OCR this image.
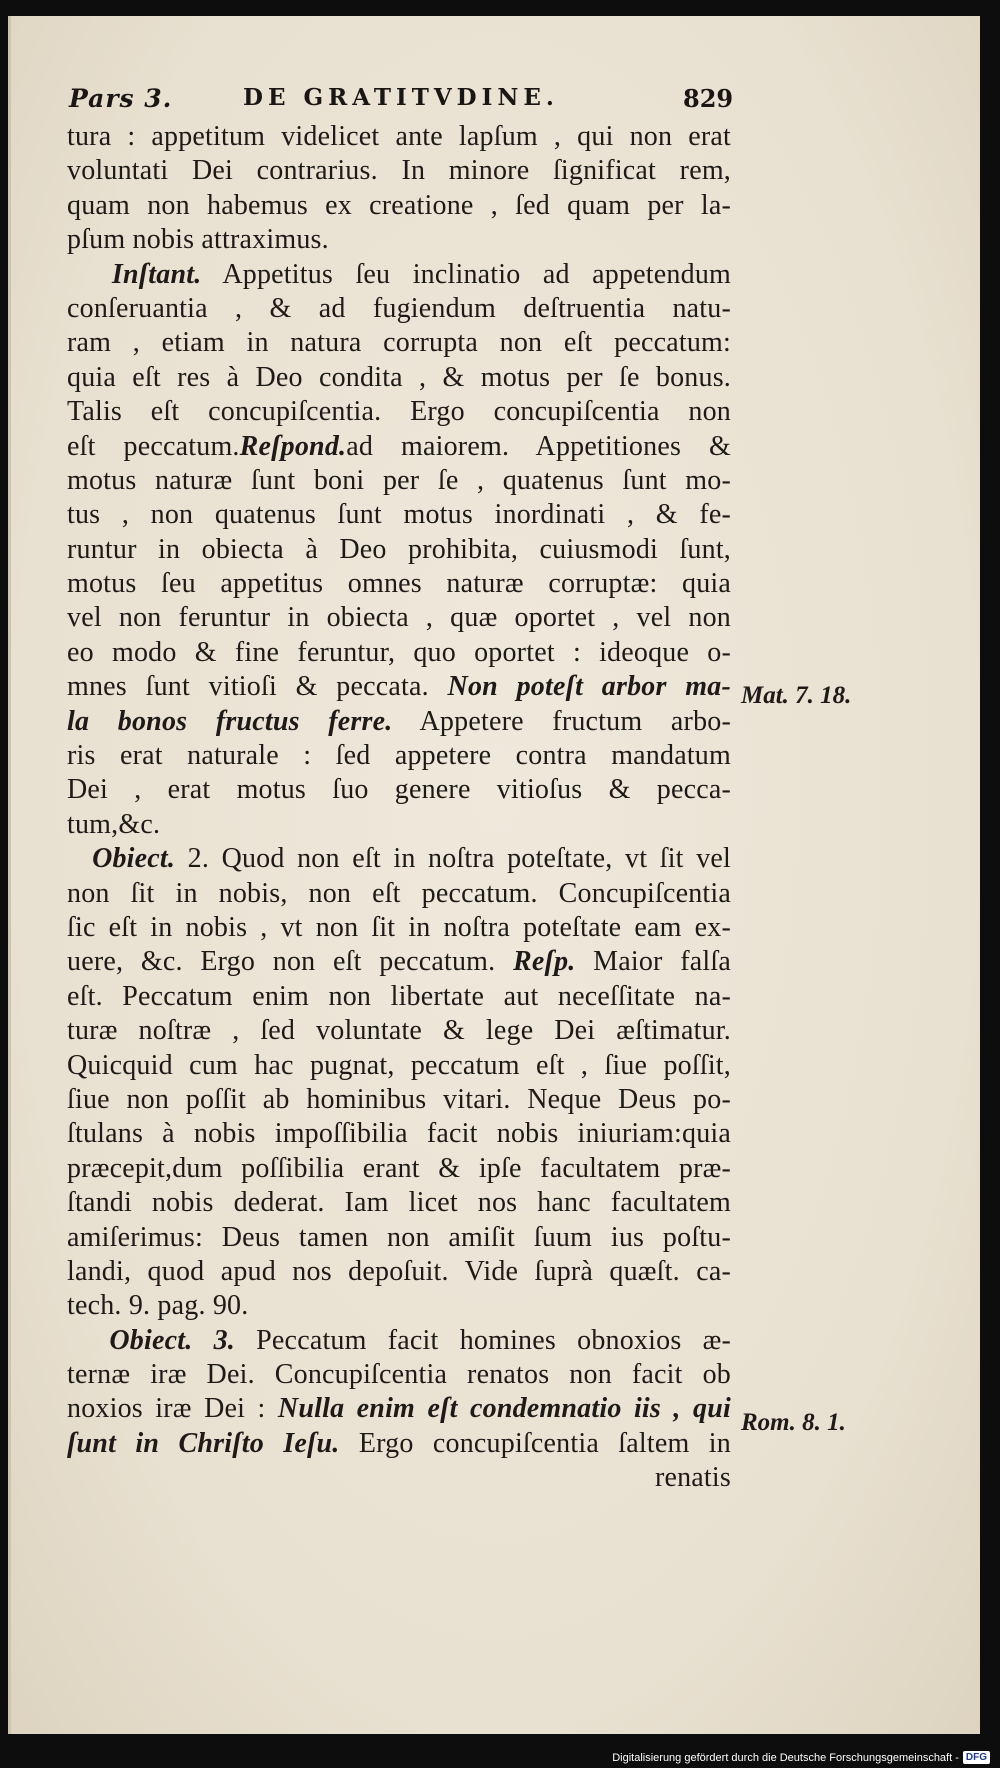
Pars 3.	DE GRATITVDINE.	829
tura : appetitum videlicet ante lapſum , qui non erat
voluntati Dei contrarius. In minore ſignificat rem,
quam non habemus ex creatione , ſed quam per la-
pſum nobis attraximus.
Inſtant. Appetitus ſeu inclinatio ad appetendum
conſeruantia , & ad fugiendum deſtruentia natu-
ram , etiam in natura corrupta non eſt peccatum:
quia eſt res à Deo condita , & motus per ſe bonus.
Talis eſt concupiſcentia. Ergo concupiſcentia non
eſt peccatum.Reſpond.ad maiorem. Appetitiones &
motus naturæ ſunt boni per ſe , quatenus ſunt mo-
tus , non quatenus ſunt motus inordinati , & fe-
runtur in obiecta à Deo prohibita, cuiusmodi ſunt,
motus ſeu appetitus omnes naturæ corruptæ: quia
vel non feruntur in obiecta , quæ oportet , vel non
eo modo & fine feruntur, quo oportet : ideoque o-
mnes ſunt vitioſi & peccata. Non poteſt arbor ma-
la bonos fructus ferre. Appetere fructum arbo-
ris erat naturale : ſed appetere contra mandatum
Dei , erat motus ſuo genere vitioſus & pecca-
tum,&c.
Obiect. 2. Quod non eſt in noſtra poteſtate, vt ſit vel
non ſit in nobis, non eſt peccatum. Concupiſcentia
ſic eſt in nobis , vt non ſit in noſtra poteſtate eam ex-
uere, &c. Ergo non eſt peccatum. Reſp. Maior falſa
eſt. Peccatum enim non libertate aut neceſſitate na-
turæ noſtræ , ſed voluntate & lege Dei æſtimatur.
Quicquid cum hac pugnat, peccatum eſt , ſiue poſſit,
ſiue non poſſit ab hominibus vitari. Neque Deus po-
ſtulans à nobis impoſſibilia facit nobis iniuriam:quia
præcepit,dum poſſibilia erant & ipſe facultatem præ-
ſtandi nobis dederat. Iam licet nos hanc facultatem
amiſerimus: Deus tamen non amiſit ſuum ius poſtu-
landi, quod apud nos depoſuit. Vide ſuprà quæſt. ca-
tech. 9. pag. 90.
Obiect. 3. Peccatum facit homines obnoxios æ-
ternæ iræ Dei. Concupiſcentia renatos non facit ob
noxios iræ Dei : Nulla enim eſt condemnatio iis , qui
ſunt in Chriſto Ieſu. Ergo concupiſcentia ſaltem in
renatis
Mat. 7. 18.
Rom. 8. 1.
Digitalisierung gefördert durch die Deutsche Forschungsgemeinschaft - DFG
